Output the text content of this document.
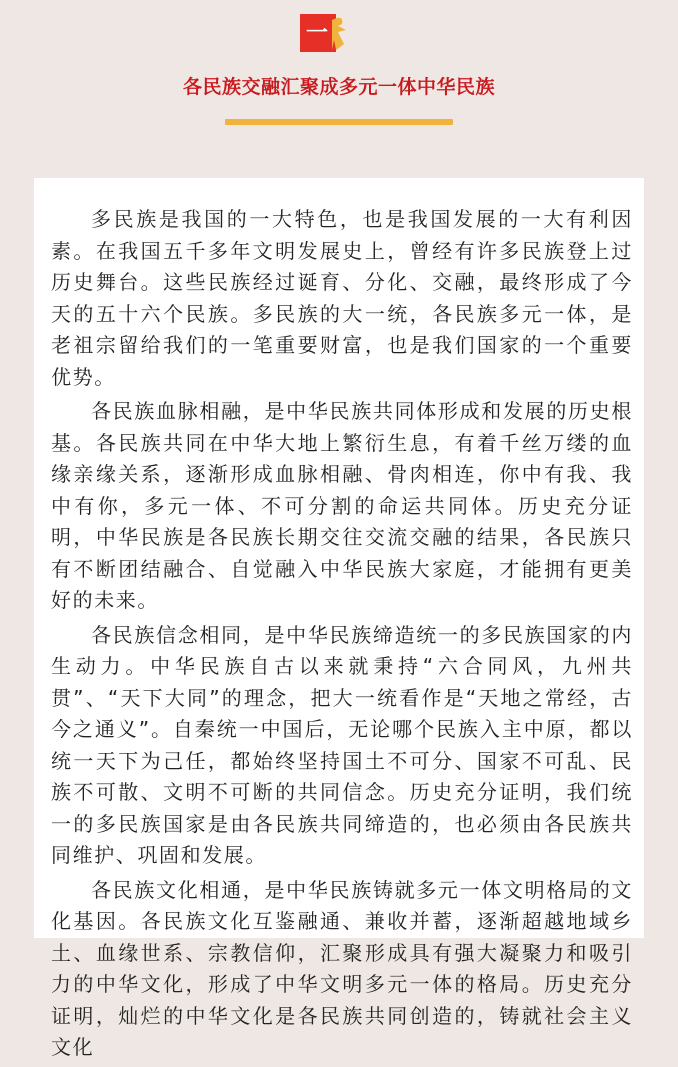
一
各民族交融汇聚成多元一体中华民族

多民族是我国的一大特色，也是我国发展的一大有利因素。在我国五千多年文明发展史上，曾经有许多民族登上过历史舞台。这些民族经过诞育、分化、交融，最终形成了今天的五十六个民族。多民族的大一统，各民族多元一体，是老祖宗留给我们的一笔重要财富，也是我们国家的一个重要优势。

各民族血脉相融，是中华民族共同体形成和发展的历史根基。各民族共同在中华大地上繁衍生息，有着千丝万缕的血缘亲缘关系，逐渐形成血脉相融、骨肉相连，你中有我、我中有你，多元一体、不可分割的命运共同体。历史充分证明，中华民族是各民族长期交往交流交融的结果，各民族只有不断团结融合、自觉融入中华民族大家庭，才能拥有更美好的未来。

各民族信念相同，是中华民族缔造统一的多民族国家的内生动力。中华民族自古以来就秉持“六合同风，九州共贯”、“天下大同”的理念，把大一统看作是“天地之常经，古今之通义”。自秦统一中国后，无论哪个民族入主中原，都以统一天下为己任，都始终坚持国土不可分、国家不可乱、民族不可散、文明不可断的共同信念。历史充分证明，我们统一的多民族国家是由各民族共同缔造的，也必须由各民族共同维护、巩固和发展。

各民族文化相通，是中华民族铸就多元一体文明格局的文化基因。各民族文化互鉴融通、兼收并蓄，逐渐超越地域乡土、血缘世系、宗教信仰，汇聚形成具有强大凝聚力和吸引力的中华文化，形成了中华文明多元一体的格局。历史充分证明，灿烂的中华文化是各民族共同创造的，铸就社会主义文化
